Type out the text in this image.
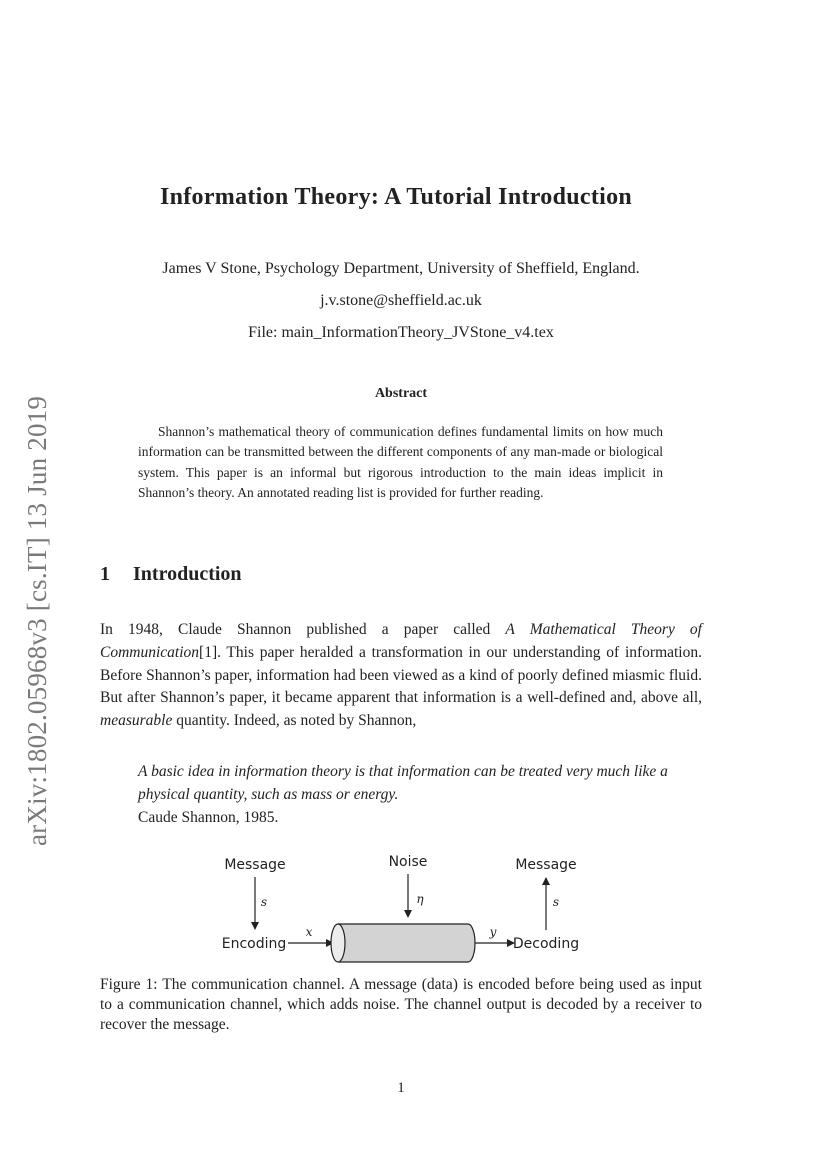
arXiv:1802.05968v3 [cs.IT] 13 Jun 2019
Information Theory: A Tutorial Introduction
James V Stone, Psychology Department, University of Sheffield, England.
j.v.stone@sheffield.ac.uk
File: main_InformationTheory_JVStone_v4.tex
Abstract
Shannon’s mathematical theory of communication defines fundamental limits on how much information can be transmitted between the different components of any man-made or biological system. This paper is an informal but rigorous introduction to the main ideas implicit in Shannon’s theory. An annotated reading list is provided for further reading.
1 Introduction
In 1948, Claude Shannon published a paper called A Mathematical Theory of Communication[1]. This paper heralded a transformation in our understanding of information. Before Shannon’s paper, information had been viewed as a kind of poorly defined miasmic fluid. But after Shannon’s paper, it became apparent that information is a well-defined and, above all, measurable quantity. Indeed, as noted by Shannon,
A basic idea in information theory is that information can be treated very much like a physical quantity, such as mass or energy.
Caude Shannon, 1985.
Message	Noise	Message
Encoding	Decoding
s	η	s
x	y
Figure 1: The communication channel. A message (data) is encoded before being used as input to a communication channel, which adds noise. The channel output is decoded by a receiver to recover the message.
1
